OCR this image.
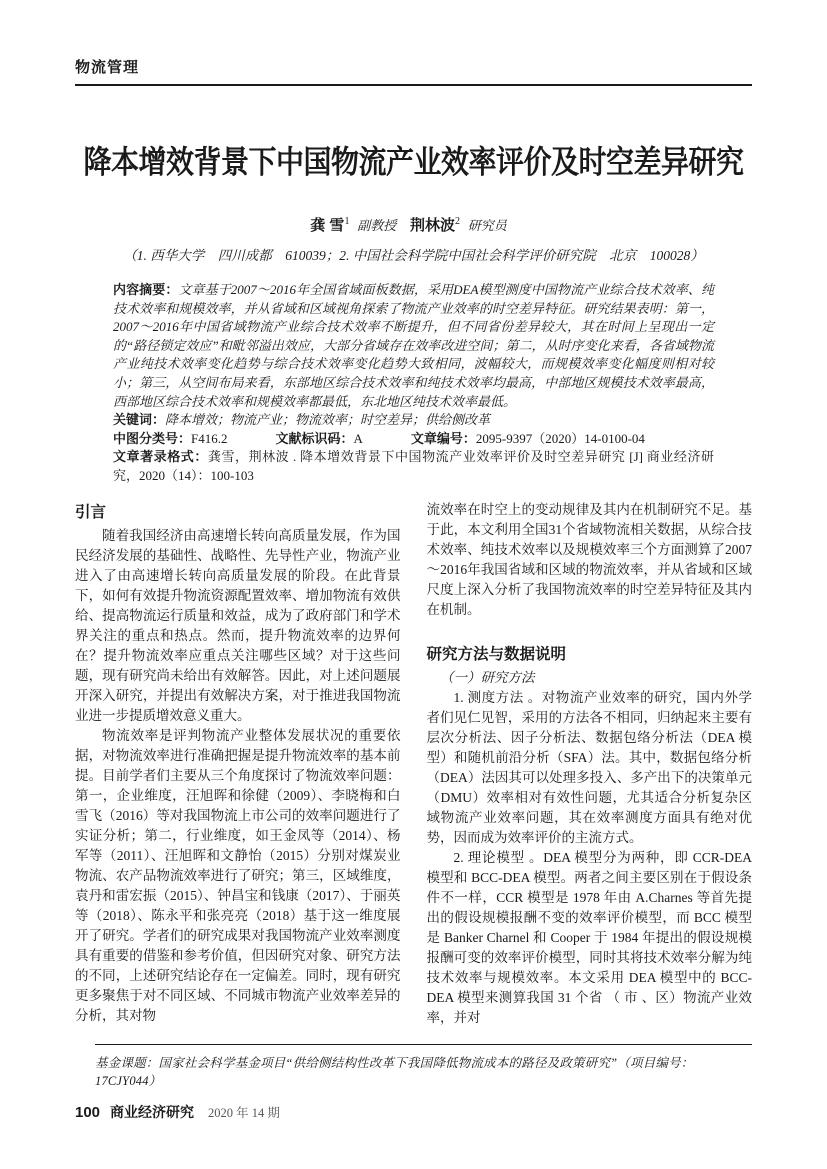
物流管理
降本增效背景下中国物流产业效率评价及时空差异研究
龚 雪$^1$ 副教授 荆林波$^2$ 研究员
（1. 西华大学　四川成都　610039；2. 中国社会科学院中国社会科学评价研究院　北京　100028）

内容摘要：文章基于2007～2016年全国省域面板数据，采用DEA模型测度中国物流产业综合技术效率、纯技术效率和规模效率，并从省域和区域视角探索了物流产业效率的时空差异特征。研究结果表明：第一，2007～2016年中国省域物流产业综合技术效率不断提升，但不同省份差异较大，其在时间上呈现出一定的“路径锁定效应”和毗邻溢出效应，大部分省域存在效率改进空间；第二，从时序变化来看，各省域物流产业纯技术效率变化趋势与综合技术效率变化趋势大致相同，波幅较大，而规模效率变化幅度则相对较小；第三，从空间布局来看，东部地区综合技术效率和纯技术效率均最高，中部地区规模技术效率最高，西部地区综合技术效率和规模效率都最低，东北地区纯技术效率最低。

关键词：降本增效；物流产业；物流效率；时空差异；供给侧改革

中图分类号：F416.2	文献标识码：A	文章编号：2095-9397（2020）14-0100-04

文章著录格式：龚雪，荆林波 . 降本增效背景下中国物流产业效率评价及时空差异研究 [J] 商业经济研究，2020（14）：100-103

引言

随着我国经济由高速增长转向高质量发展，作为国民经济发展的基础性、战略性、先导性产业，物流产业进入了由高速增长转向高质量发展的阶段。在此背景下，如何有效提升物流资源配置效率、增加物流有效供给、提高物流运行质量和效益，成为了政府部门和学术界关注的重点和热点。然而，提升物流效率的边界何在？提升物流效率应重点关注哪些区域？对于这些问题，现有研究尚未给出有效解答。因此，对上述问题展开深入研究，并提出有效解决方案，对于推进我国物流业进一步提质增效意义重大。

物流效率是评判物流产业整体发展状况的重要依据，对物流效率进行准确把握是提升物流效率的基本前提。目前学者们主要从三个角度探讨了物流效率问题：第一，企业维度，汪旭晖和徐健（2009）、李晓梅和白雪飞（2016）等对我国物流上市公司的效率问题进行了实证分析；第二，行业维度，如王金凤等（2014）、杨军等（2011）、汪旭晖和文静怡（2015）分别对煤炭业物流、农产品物流效率进行了研究；第三，区域维度，袁丹和雷宏振（2015）、钟昌宝和钱康（2017）、于丽英等（2018）、陈永平和张亮亮（2018）基于这一维度展开了研究。学者们的研究成果对我国物流产业效率测度具有重要的借鉴和参考价值，但因研究对象、研究方法的不同，上述研究结论存在一定偏差。同时，现有研究更多聚焦于对不同区域、不同城市物流产业效率差异的分析，其对物

流效率在时空上的变动规律及其内在机制研究不足。基于此，本文利用全国31个省域物流相关数据，从综合技术效率、纯技术效率以及规模效率三个方面测算了2007～2016年我国省域和区域的物流效率，并从省域和区域尺度上深入分析了我国物流效率的时空差异特征及其内在机制。

研究方法与数据说明

（一）研究方法

1. 测度方法 。对物流产业效率的研究，国内外学者们见仁见智，采用的方法各不相同，归纳起来主要有层次分析法、因子分析法、数据包络分析法（DEA 模型）和随机前沿分析（SFA）法。其中，数据包络分析（DEA）法因其可以处理多投入、多产出下的决策单元（DMU）效率相对有效性问题，尤其适合分析复杂区域物流产业效率问题，其在效率测度方面具有绝对优势，因而成为效率评价的主流方式。

2. 理论模型 。DEA 模型分为两种，即 CCR-DEA 模型和 BCC-DEA 模型。两者之间主要区别在于假设条件不一样，CCR 模型是 1978 年由 A.Charnes 等首先提出的假设规模报酬不变的效率评价模型，而 BCC 模型是 Banker Charnel 和 Cooper 于 1984 年提出的假设规模报酬可变的效率评价模型，同时其将技术效率分解为纯技术效率与规模效率。本文采用 DEA 模型中的 BCC-DEA 模型来测算我国 31 个省 （ 市 、区）物流产业效率，并对

基金课题：国家社会科学基金项目“供给侧结构性改革下我国降低物流成本的路径及政策研究”（项目编号：17CJY044）

100 商业经济研究 2020 年 14 期
